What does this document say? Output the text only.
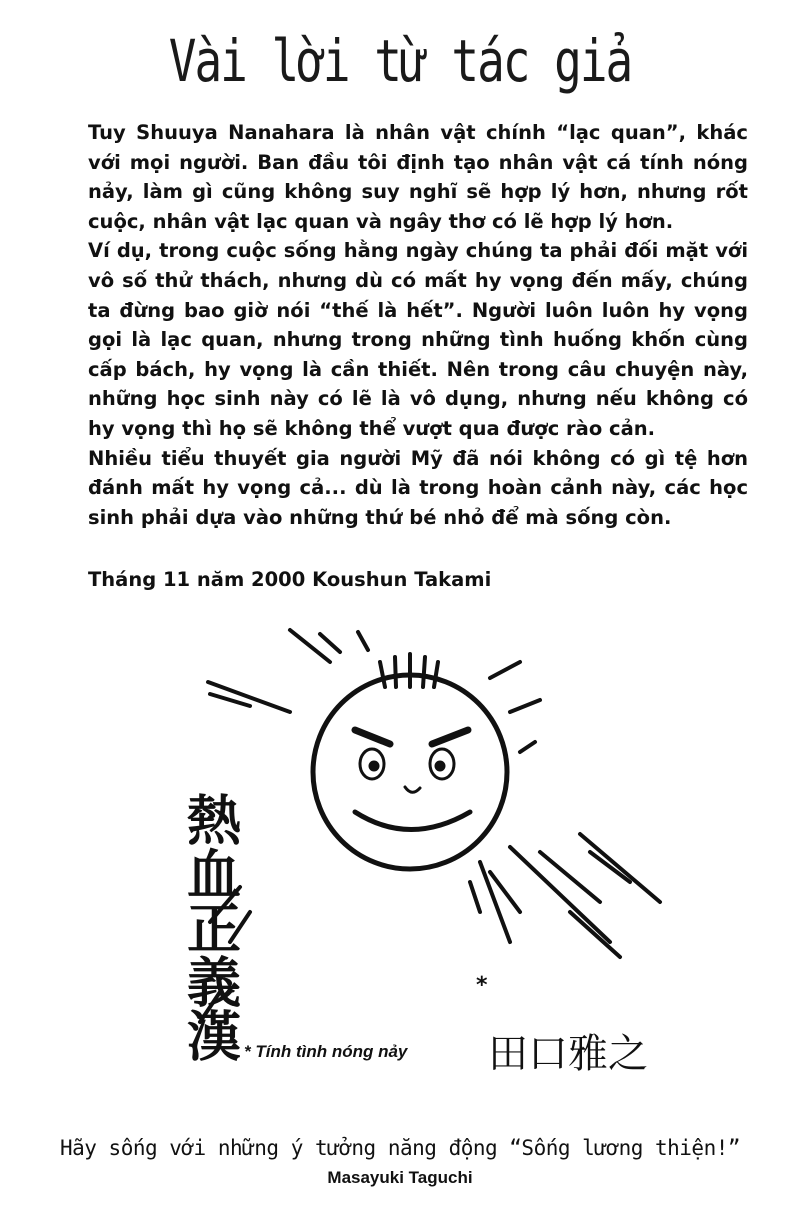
Vài lời từ tác giả

Tuy Shuuya Nanahara là nhân vật chính “lạc quan”, khác với mọi người. Ban đầu tôi định tạo nhân vật cá tính nóng nảy, làm gì cũng không suy nghĩ sẽ hợp lý hơn, nhưng rốt cuộc, nhân vật lạc quan và ngây thơ có lẽ hợp lý hơn.

Ví dụ, trong cuộc sống hằng ngày chúng ta phải đối mặt với vô số thử thách, nhưng dù có mất hy vọng đến mấy, chúng ta đừng bao giờ nói “thế là hết”. Người luôn luôn hy vọng gọi là lạc quan, nhưng trong những tình huống khốn cùng cấp bách, hy vọng là cần thiết. Nên trong câu chuyện này, những học sinh này có lẽ là vô dụng, nhưng nếu không có hy vọng thì họ sẽ không thể vượt qua được rào cản.

Nhiều tiểu thuyết gia người Mỹ đã nói không có gì tệ hơn đánh mất hy vọng cả... dù là trong hoàn cảnh này, các học sinh phải dựa vào những thứ bé nhỏ để mà sống còn.

Tháng 11 năm 2000 Koushun Takami
熱血正義漢	*
田口雅之
* Tính tình nóng nảy
Hãy sống với những ý tưởng năng động “Sống lương thiện!”
Masayuki Taguchi
